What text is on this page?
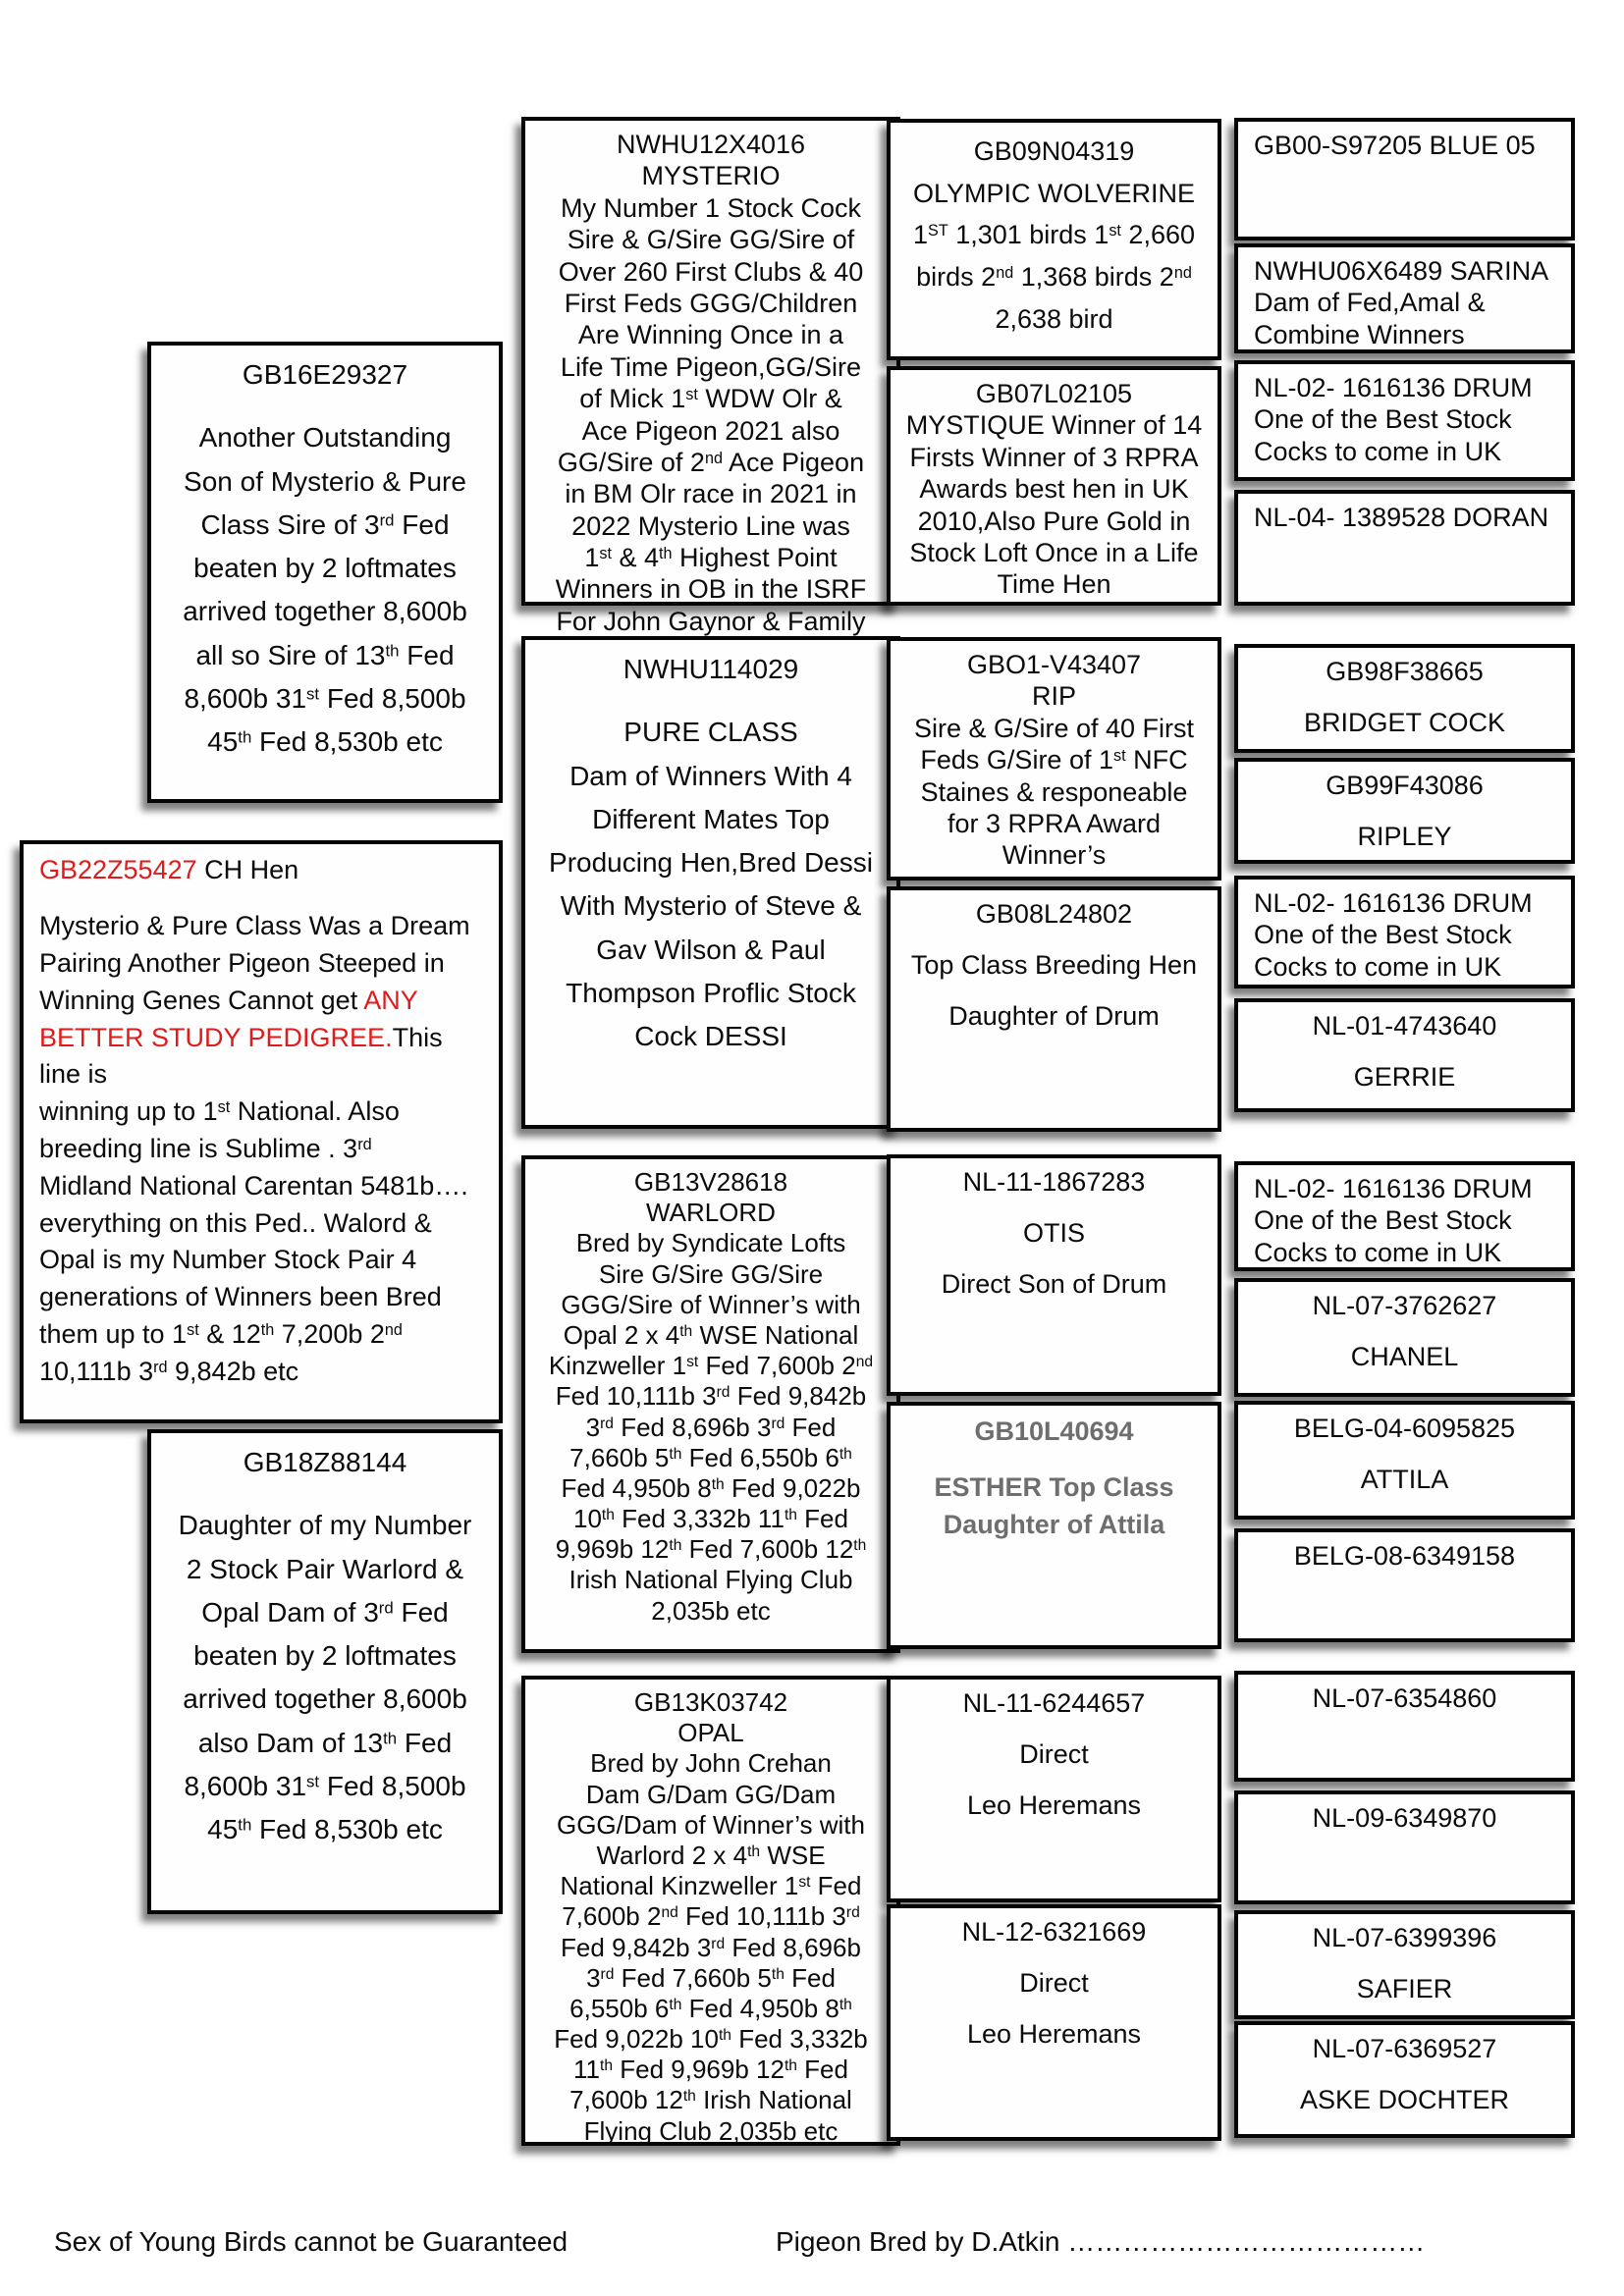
GB16E29327
Another Outstanding
Son of Mysterio & Pure
Class Sire of 3rd Fed
beaten by 2 loftmates
arrived together 8,600b
all so Sire of 13th Fed
8,600b 31st Fed 8,500b
45th Fed 8,530b etc
GB22Z55427 CH Hen
Mysterio & Pure Class Was a Dream
Pairing Another Pigeon Steeped in
Winning Genes Cannot get ANY
BETTER STUDY PEDIGREE.This line is
winning up to 1st National. Also
breeding line is Sublime . 3rd
Midland National Carentan 5481b….
everything on this Ped.. Walord &
Opal is my Number Stock Pair 4
generations of Winners been Bred
them up to 1st & 12th 7,200b 2nd
10,111b 3rd 9,842b etc
GB18Z88144
Daughter of my Number
2 Stock Pair Warlord &
Opal Dam of 3rd Fed
beaten by 2 loftmates
arrived together 8,600b
also Dam of 13th Fed
8,600b 31st Fed 8,500b
45th Fed 8,530b etc
NWHU12X4016
MYSTERIO
My Number 1 Stock Cock
Sire & G/Sire GG/Sire of
Over 260 First Clubs & 40
First Feds GGG/Children
Are Winning Once in a
Life Time Pigeon,GG/Sire
of Mick 1st WDW Olr &
Ace Pigeon 2021 also
GG/Sire of 2nd Ace Pigeon
in BM Olr race in 2021 in
2022 Mysterio Line was
1st & 4th Highest Point
Winners in OB in the ISRF
For John Gaynor & Family
NWHU114029
PURE CLASS
Dam of Winners With 4
Different Mates Top
Producing Hen,Bred Dessi
With Mysterio of Steve &
Gav Wilson & Paul
Thompson Proflic Stock
Cock DESSI
GB13V28618
WARLORD
Bred by Syndicate Lofts
Sire G/Sire GG/Sire
GGG/Sire of Winner’s with
Opal 2 x 4th WSE National
Kinzweller 1st Fed 7,600b 2nd
Fed 10,111b 3rd Fed 9,842b
3rd Fed 8,696b 3rd Fed
7,660b 5th Fed 6,550b 6th
Fed 4,950b 8th Fed 9,022b
10th Fed 3,332b 11th Fed
9,969b 12th Fed 7,600b 12th
Irish National Flying Club
2,035b etc
GB13K03742
OPAL
Bred by John Crehan
Dam G/Dam GG/Dam
GGG/Dam of Winner’s with
Warlord 2 x 4th WSE
National Kinzweller 1st Fed
7,600b 2nd Fed 10,111b 3rd
Fed 9,842b 3rd Fed 8,696b
3rd Fed 7,660b 5th Fed
6,550b 6th Fed 4,950b 8th
Fed 9,022b 10th Fed 3,332b
11th Fed 9,969b 12th Fed
7,600b 12th Irish National
Flying Club 2,035b etc
GB09N04319
OLYMPIC WOLVERINE
1ST 1,301 birds 1st 2,660
birds 2nd 1,368 birds 2nd
2,638 bird
GB07L02105
MYSTIQUE Winner of 14
Firsts Winner of 3 RPRA
Awards best hen in UK
2010,Also Pure Gold in
Stock Loft Once in a Life
Time Hen
GBO1-V43407
RIP
Sire & G/Sire of 40 First
Feds G/Sire of 1st NFC
Staines & responeable
for 3 RPRA Award
Winner’s
GB08L24802
Top Class Breeding Hen
Daughter of Drum
NL-11-1867283
OTIS
Direct Son of Drum
GB10L40694
ESTHER Top Class
Daughter of Attila
NL-11-6244657
Direct
Leo Heremans
NL-12-6321669
Direct
Leo Heremans
GB00-S97205 BLUE 05
NWHU06X6489 SARINA
Dam of Fed,Amal &
Combine Winners
NL-02- 1616136 DRUM
One of the Best Stock
Cocks to come in UK
NL-04- 1389528 DORAN
GB98F38665
BRIDGET COCK
GB99F43086
RIPLEY
NL-02- 1616136 DRUM
One of the Best Stock
Cocks to come in UK
NL-01-4743640
GERRIE
NL-02- 1616136 DRUM
One of the Best Stock
Cocks to come in UK
NL-07-3762627
CHANEL
BELG-04-6095825
ATTILA
BELG-08-6349158
NL-07-6354860
NL-09-6349870
NL-07-6399396
SAFIER
NL-07-6369527
ASKE DOCHTER
Sex of Young Birds cannot be Guaranteed	Pigeon Bred by D.Atkin …………………………………
